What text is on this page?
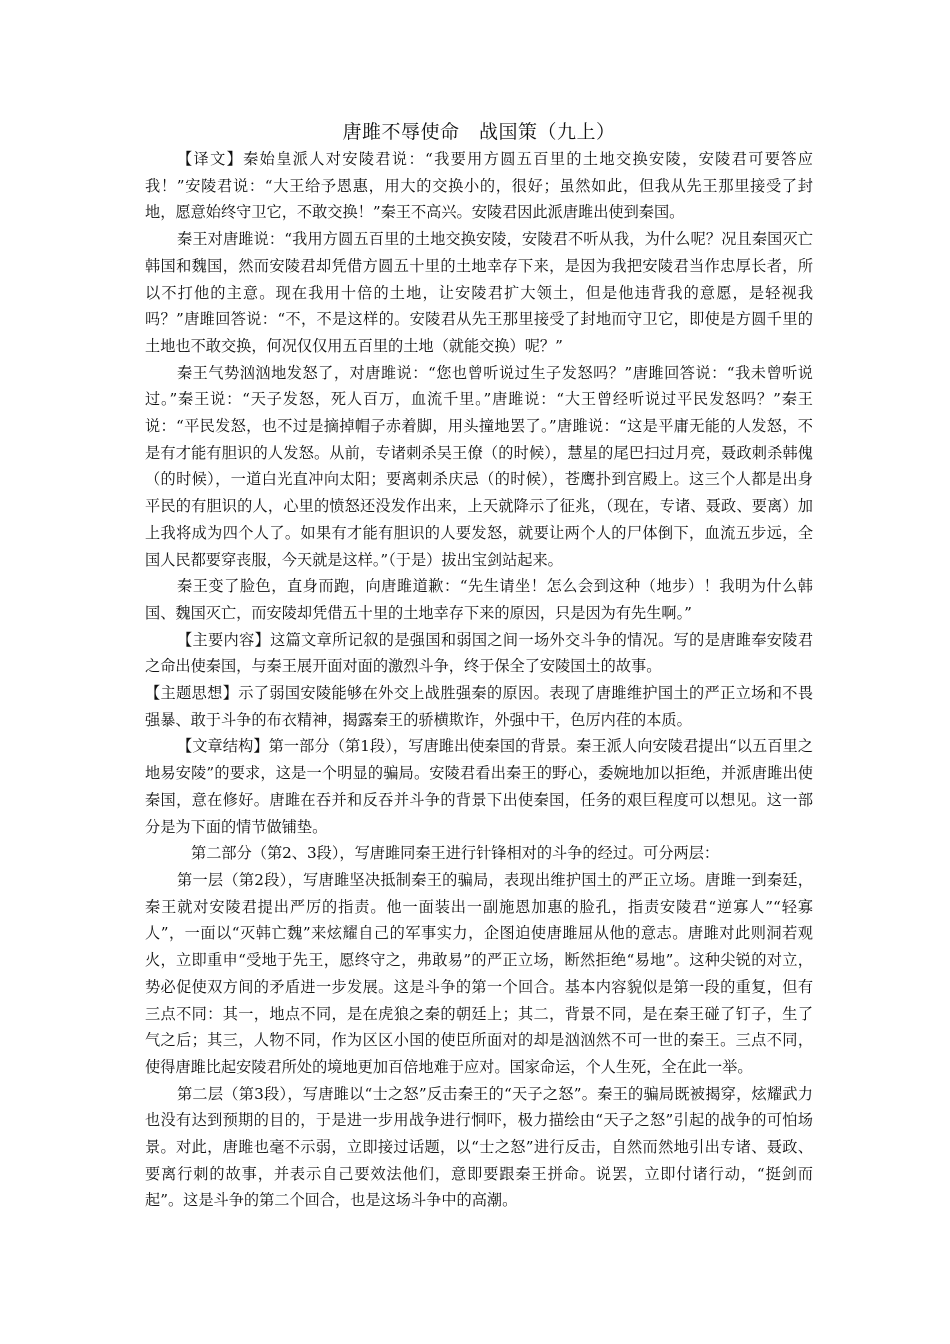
唐雎不辱使命　战国策（九上）

【译文】秦始皇派人对安陵君说：“我要用方圆五百里的土地交换安陵，安陵君可要答应我！”安陵君说：“大王给予恩惠，用大的交换小的，很好；虽然如此，但我从先王那里接受了封地，愿意始终守卫它，不敢交换！”秦王不高兴。安陵君因此派唐雎出使到秦国。

秦王对唐雎说：“我用方圆五百里的土地交换安陵，安陵君不听从我，为什么呢？况且秦国灭亡韩国和魏国，然而安陵君却凭借方圆五十里的土地幸存下来，是因为我把安陵君当作忠厚长者，所以不打他的主意。现在我用十倍的土地，让安陵君扩大领土，但是他违背我的意愿，是轻视我吗？”唐雎回答说：“不，不是这样的。安陵君从先王那里接受了封地而守卫它，即使是方圆千里的土地也不敢交换，何况仅仅用五百里的土地（就能交换）呢？”

秦王气势汹汹地发怒了，对唐雎说：“您也曾听说过生子发怒吗？”唐雎回答说：“我未曾听说过。”秦王说：“天子发怒，死人百万，血流千里。”唐雎说：“大王曾经听说过平民发怒吗？”秦王说：“平民发怒，也不过是摘掉帽子赤着脚，用头撞地罢了。”唐雎说：“这是平庸无能的人发怒，不是有才能有胆识的人发怒。从前，专诸刺杀吴王僚（的时候），慧星的尾巴扫过月亮，聂政刺杀韩傀（的时候），一道白光直冲向太阳；要离刺杀庆忌（的时候），苍鹰扑到宫殿上。这三个人都是出身平民的有胆识的人，心里的愤怒还没发作出来，上天就降示了征兆，（现在，专诸、聂政、要离）加上我将成为四个人了。如果有才能有胆识的人要发怒，就要让两个人的尸体倒下，血流五步远，全国人民都要穿丧服，今天就是这样。”（于是）拔出宝剑站起来。

秦王变了脸色，直身而跑，向唐雎道歉：“先生请坐！怎么会到这种（地步）！我明为什么韩国、魏国灭亡，而安陵却凭借五十里的土地幸存下来的原因，只是因为有先生啊。”

【主要内容】这篇文章所记叙的是强国和弱国之间一场外交斗争的情况。写的是唐雎奉安陵君之命出使秦国，与秦王展开面对面的激烈斗争，终于保全了安陵国土的故事。

【主题思想】示了弱国安陵能够在外交上战胜强秦的原因。表现了唐雎维护国土的严正立场和不畏强暴、敢于斗争的布衣精神，揭露秦王的骄横欺诈，外强中干，色厉内荏的本质。

【文章结构】第一部分（第1段），写唐雎出使秦国的背景。秦王派人向安陵君提出“以五百里之地易安陵”的要求，这是一个明显的骗局。安陵君看出秦王的野心，委婉地加以拒绝，并派唐雎出使秦国，意在修好。唐雎在吞并和反吞并斗争的背景下出使秦国，任务的艰巨程度可以想见。这一部分是为下面的情节做铺垫。

第二部分（第2、3段），写唐雎同秦王进行针锋相对的斗争的经过。可分两层：

第一层（第2段），写唐雎坚决抵制秦王的骗局，表现出维护国土的严正立场。唐雎一到秦廷，秦王就对安陵君提出严厉的指责。他一面装出一副施恩加惠的脸孔，指责安陵君“逆寡人”“轻寡人”，一面以“灭韩亡魏”来炫耀自己的军事实力，企图迫使唐雎屈从他的意志。唐雎对此则洞若观火，立即重申“受地于先王，愿终守之，弗敢易”的严正立场，断然拒绝“易地”。这种尖锐的对立，势必促使双方间的矛盾进一步发展。这是斗争的第一个回合。基本内容貌似是第一段的重复，但有三点不同：其一，地点不同，是在虎狼之秦的朝廷上；其二，背景不同，是在秦王碰了钉子，生了气之后；其三，人物不同，作为区区小国的使臣所面对的却是汹汹然不可一世的秦王。三点不同，使得唐雎比起安陵君所处的境地更加百倍地难于应对。国家命运，个人生死，全在此一举。

第二层（第3段），写唐雎以“士之怒”反击秦王的“天子之怒”。秦王的骗局既被揭穿，炫耀武力也没有达到预期的目的，于是进一步用战争进行恫吓，极力描绘由“天子之怒”引起的战争的可怕场景。对此，唐雎也毫不示弱，立即接过话题，以“士之怒”进行反击，自然而然地引出专诸、聂政、要离行刺的故事，并表示自己要效法他们，意即要跟秦王拼命。说罢，立即付诸行动，“挺剑而起”。这是斗争的第二个回合，也是这场斗争中的高潮。
